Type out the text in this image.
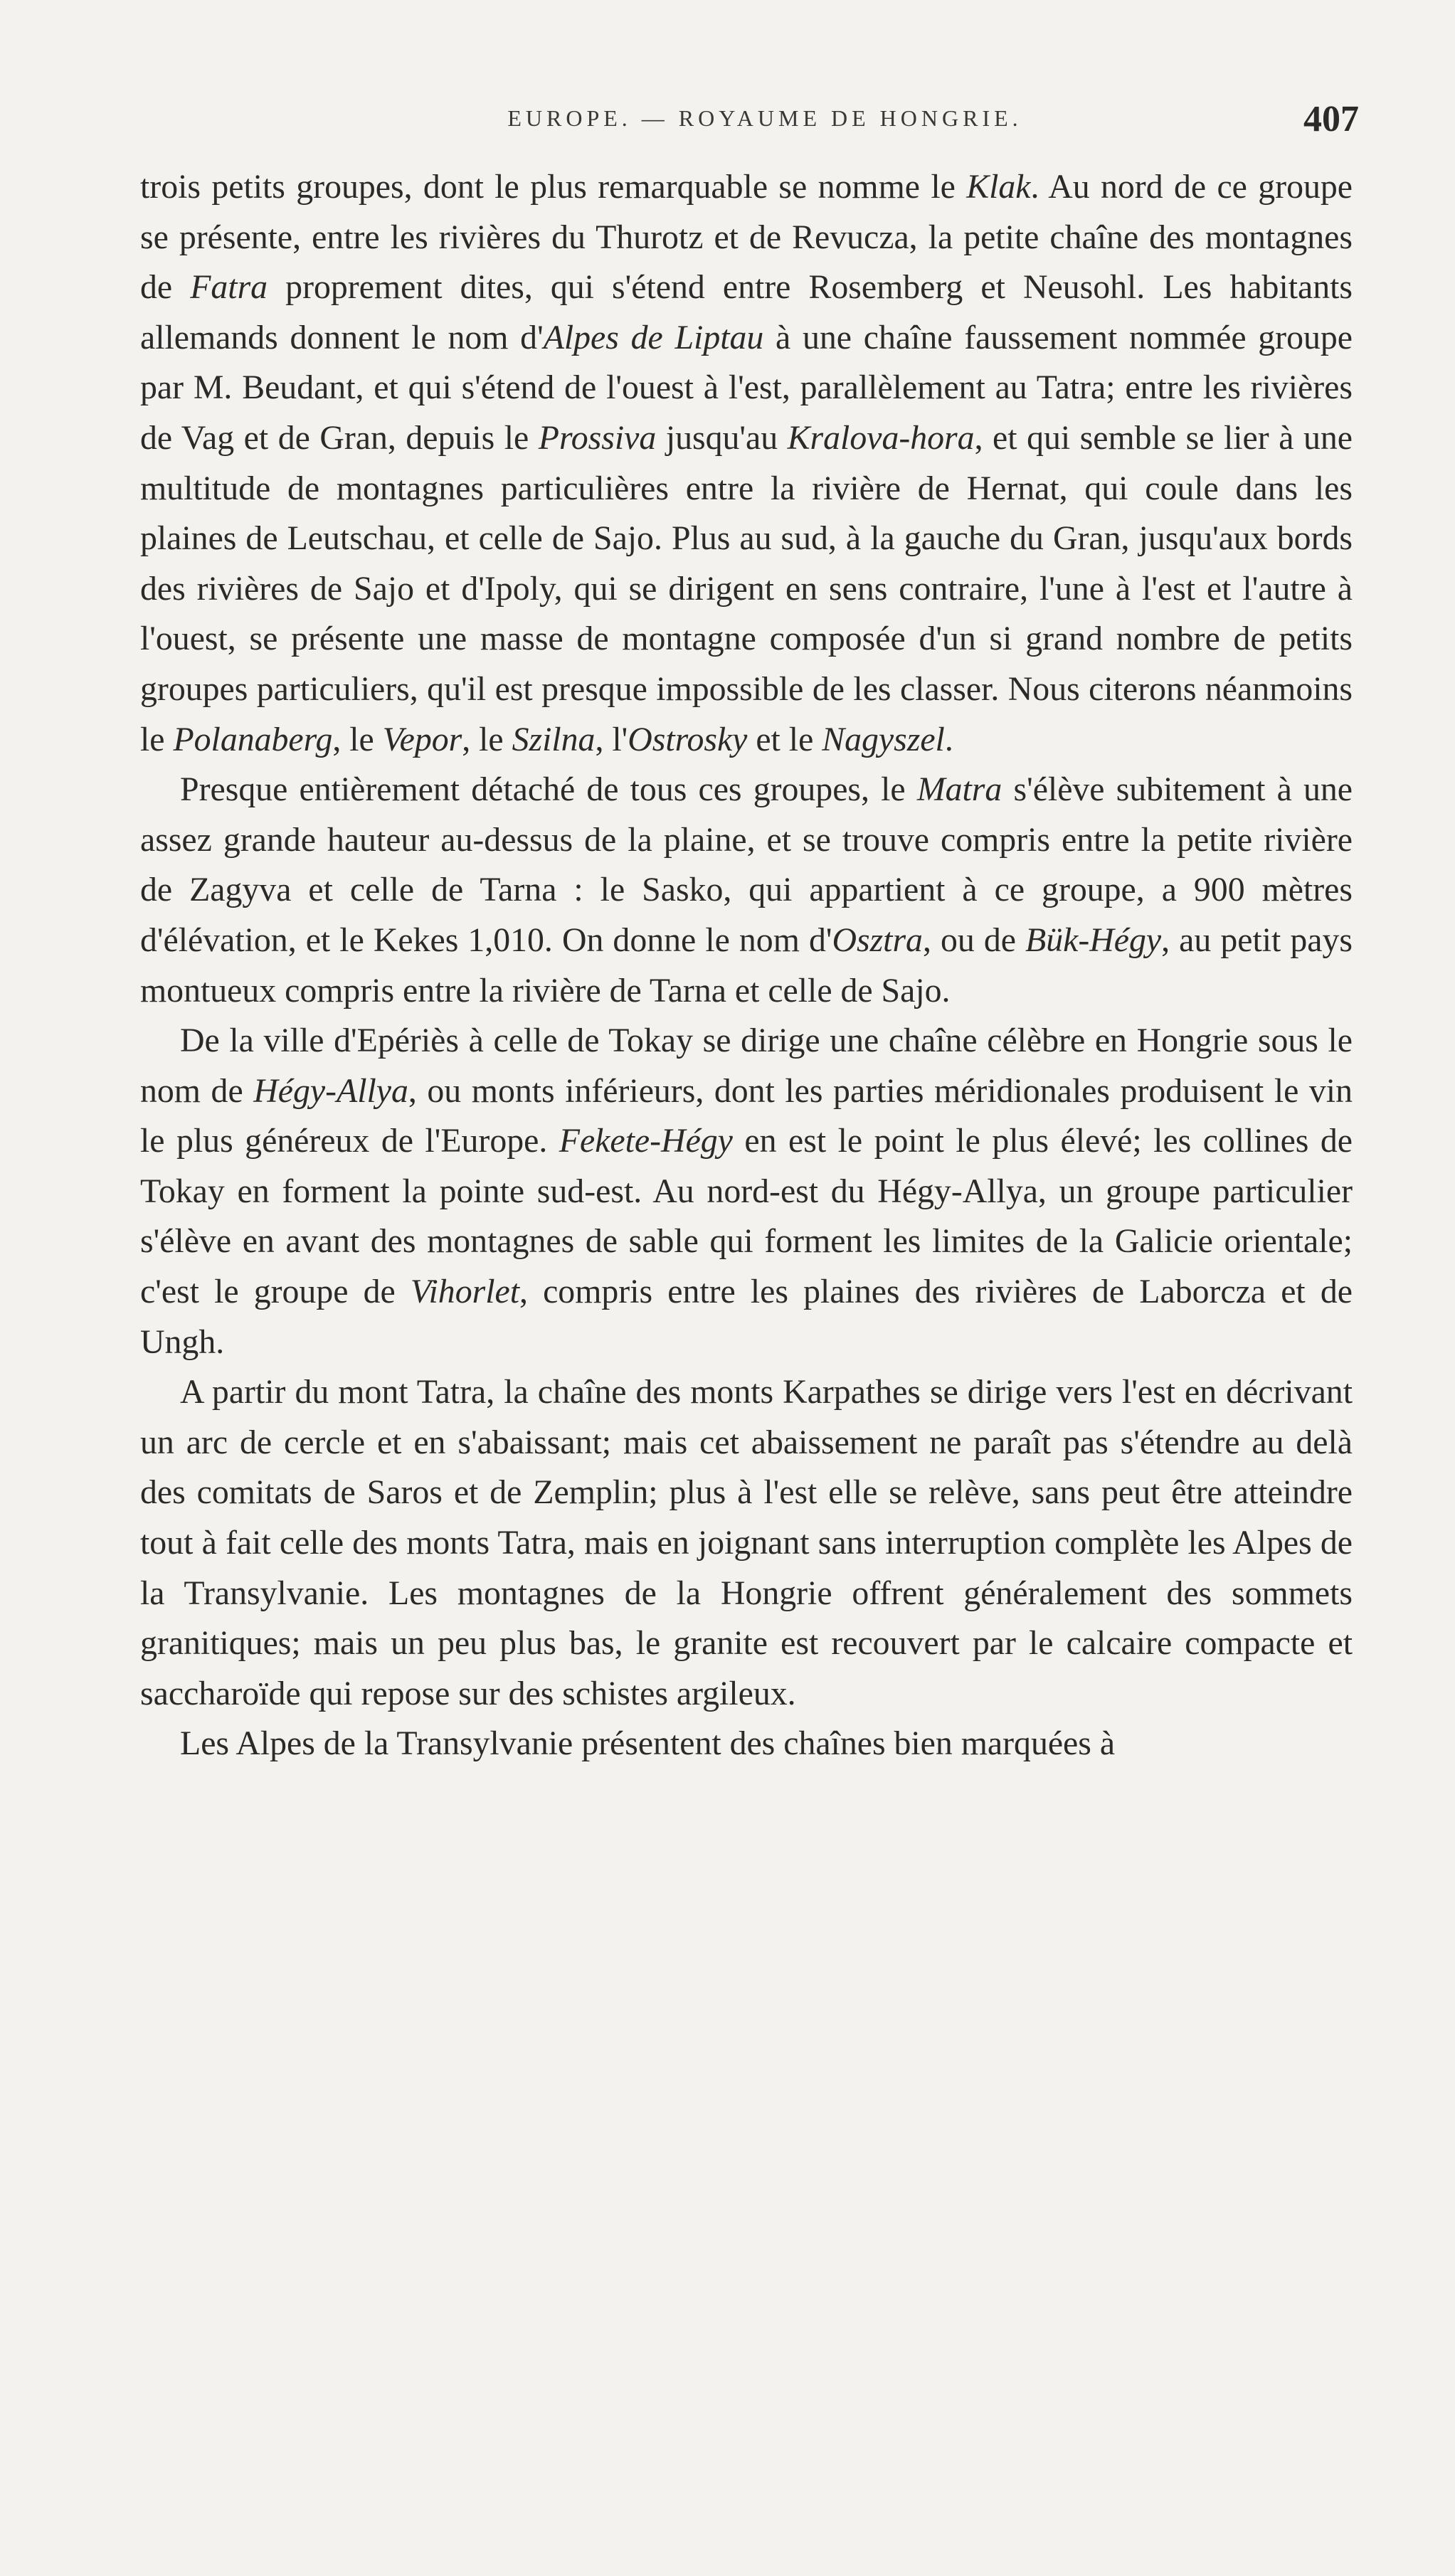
EUROPE. — ROYAUME DE HONGRIE.	407

trois petits groupes, dont le plus remarquable se nomme le Klak. Au nord de ce groupe se présente, entre les rivières du Thurotz et de Revucza, la petite chaîne des montagnes de Fatra proprement dites, qui s'étend entre Rosemberg et Neusohl. Les habitants allemands donnent le nom d'Alpes de Liptau à une chaîne faussement nommée groupe par M. Beudant, et qui s'étend de l'ouest à l'est, parallèlement au Tatra; entre les rivières de Vag et de Gran, depuis le Prossiva jusqu'au Kralova-hora, et qui semble se lier à une multitude de montagnes particulières entre la rivière de Hernat, qui coule dans les plaines de Leutschau, et celle de Sajo. Plus au sud, à la gauche du Gran, jusqu'aux bords des rivières de Sajo et d'Ipoly, qui se dirigent en sens contraire, l'une à l'est et l'autre à l'ouest, se présente une masse de montagne composée d'un si grand nombre de petits groupes particuliers, qu'il est presque impossible de les classer. Nous citerons néanmoins le Polanaberg, le Vepor, le Szilna, l'Ostrosky et le Nagyszel.

Presque entièrement détaché de tous ces groupes, le Matra s'élève subitement à une assez grande hauteur au-dessus de la plaine, et se trouve compris entre la petite rivière de Zagyva et celle de Tarna : le Sasko, qui appartient à ce groupe, a 900 mètres d'élévation, et le Kekes 1,010. On donne le nom d'Osztra, ou de Bük-Hégy, au petit pays montueux compris entre la rivière de Tarna et celle de Sajo.

De la ville d'Epériès à celle de Tokay se dirige une chaîne célèbre en Hongrie sous le nom de Hégy-Allya, ou monts inférieurs, dont les parties méridionales produisent le vin le plus généreux de l'Europe. Fekete-Hégy en est le point le plus élevé; les collines de Tokay en forment la pointe sud-est. Au nord-est du Hégy-Allya, un groupe particulier s'élève en avant des montagnes de sable qui forment les limites de la Galicie orientale; c'est le groupe de Vihorlet, compris entre les plaines des rivières de Laborcza et de Ungh.

A partir du mont Tatra, la chaîne des monts Karpathes se dirige vers l'est en décrivant un arc de cercle et en s'abaissant; mais cet abaissement ne paraît pas s'étendre au delà des comitats de Saros et de Zemplin; plus à l'est elle se relève, sans peut être atteindre tout à fait celle des monts Tatra, mais en joignant sans interruption complète les Alpes de la Transylvanie. Les montagnes de la Hongrie offrent généralement des sommets granitiques; mais un peu plus bas, le granite est recouvert par le calcaire compacte et saccharoïde qui repose sur des schistes argileux.

Les Alpes de la Transylvanie présentent des chaînes bien marquées à
